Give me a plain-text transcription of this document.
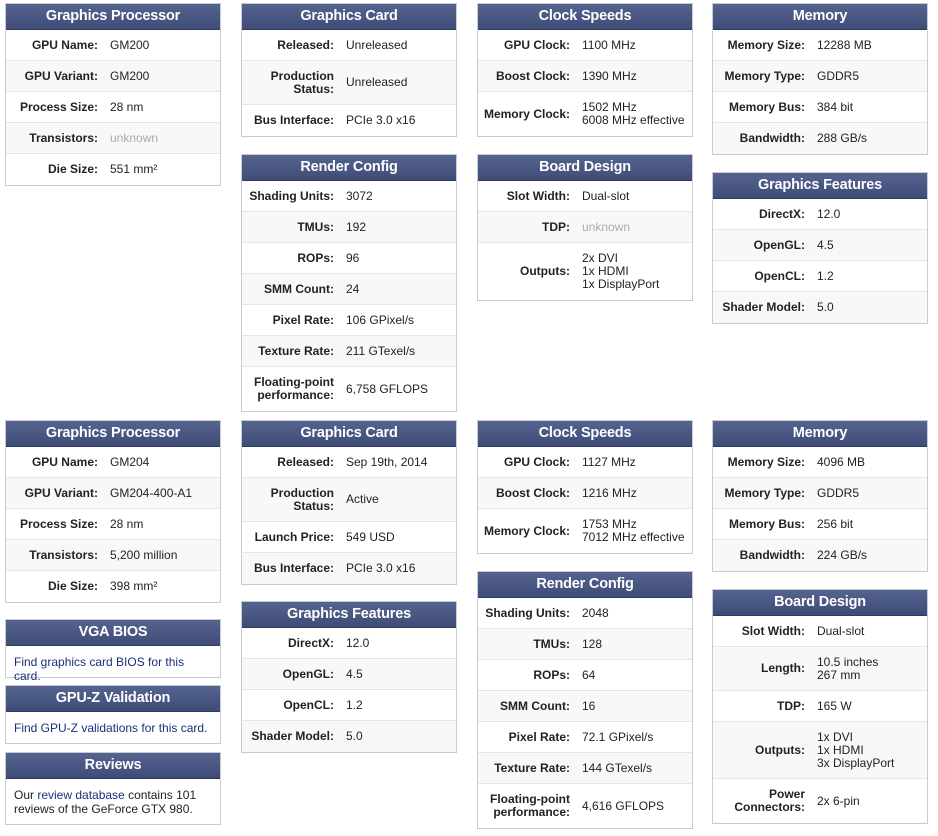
Graphics Processor
GPU Name:	GM200
GPU Variant:	GM200
Process Size:	28 nm
Transistors:	unknown
Die Size:	551 mm²
Graphics Card
Released:	Unreleased
Production
Status:	Unreleased
Bus Interface:	PCIe 3.0 x16
Clock Speeds
GPU Clock:	1100 MHz
Boost Clock:	1390 MHz
Memory Clock:	1502 MHz
6008 MHz effective
Memory
Memory Size:	12288 MB
Memory Type:	GDDR5
Memory Bus:	384 bit
Bandwidth:	288 GB/s
Render Config
Shading Units:	3072
TMUs:	192
ROPs:	96
SMM Count:	24
Pixel Rate:	106 GPixel/s
Texture Rate:	211 GTexel/s
Floating-point
performance:	6,758 GFLOPS
Board Design
Slot Width:	Dual-slot
TDP:	unknown
Outputs:
2x DVI
1x HDMI
1x DisplayPort
Graphics Features
DirectX:	12.0
OpenGL:	4.5
OpenCL:	1.2
Shader Model:	5.0
Graphics Processor
GPU Name:	GM204
GPU Variant:	GM204-400-A1
Process Size:	28 nm
Transistors:	5,200 million
Die Size:	398 mm²
Graphics Card
Released:	Sep 19th, 2014
Production
Status:	Active
Launch Price:	549 USD
Bus Interface:	PCIe 3.0 x16
Clock Speeds
GPU Clock:	1127 MHz
Boost Clock:	1216 MHz
Memory Clock:	1753 MHz
7012 MHz effective
Memory
Memory Size:	4096 MB
Memory Type:	GDDR5
Memory Bus:	256 bit
Bandwidth:	224 GB/s
Graphics Features
DirectX:	12.0
OpenGL:	4.5
OpenCL:	1.2
Shader Model:	5.0
Render Config
Shading Units:	2048
TMUs:	128
ROPs:	64
SMM Count:	16
Pixel Rate:	72.1 GPixel/s
Texture Rate:	144 GTexel/s
Floating-point
performance:	4,616 GFLOPS
Board Design
Slot Width:	Dual-slot
Length:	10.5 inches
267 mm
TDP:	165 W
Outputs:
1x DVI
1x HDMI
3x DisplayPort
Power
Connectors:	2x 6-pin
VGA BIOS
Find graphics card BIOS for this card.
GPU-Z Validation
Find GPU-Z validations for this card.
Reviews
Our review database contains 101 reviews of the GeForce GTX 980.
